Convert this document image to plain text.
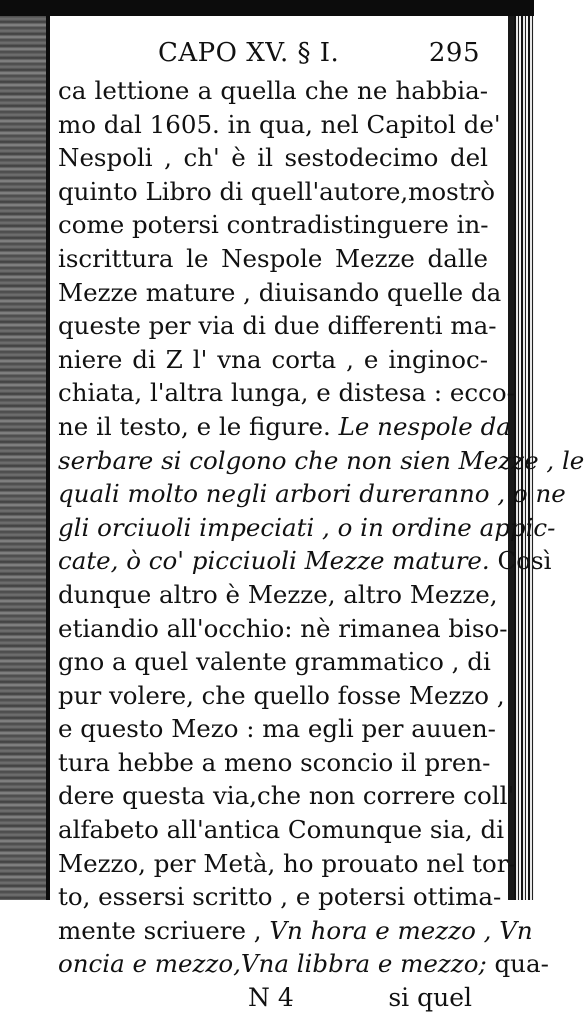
CAPO XV. § I.	295
ca lettione a quella che ne habbia-
mo dal 1605. in qua, nel Capitol de'
Nespoli , ch' è il sestodecimo del
quinto Libro di quell'autore,mostrò
come potersi contradistinguere in-
iscrittura le Nespole Mezze dalle
Mezze mature , diuisando quelle da
queste per via di due differenti ma-
niere di Z l' vna corta , e inginoc-
chiata, l'altra lunga, e distesa : ecco-
ne il testo, e le figure. Le nespole da
serbare si colgono che non sien Mezze , le
quali molto negli arbori dureranno , o ne
gli orciuoli impeciati , o in ordine appic-
cate, ò co' picciuoli Mezze mature. Così
dunque altro è Mezze, altro Mezze,
etiandio all'occhio: nè rimanea biso-
gno a quel valente grammatico , di
pur volere, che quello fosse Mezzo ,
e questo Mezo : ma egli per auuen-
tura hebbe a meno sconcio il pren-
dere questa via,che non correre coll'
alfabeto all'antica Comunque sia, di
Mezzo, per Metà, ho prouato nel tor-
to, essersi scritto , e potersi ottima-
mente scriuere , Vn hora e mezzo , Vn
oncia e mezzo,Vna libbra e mezzo; qua-
N 4	si quel
